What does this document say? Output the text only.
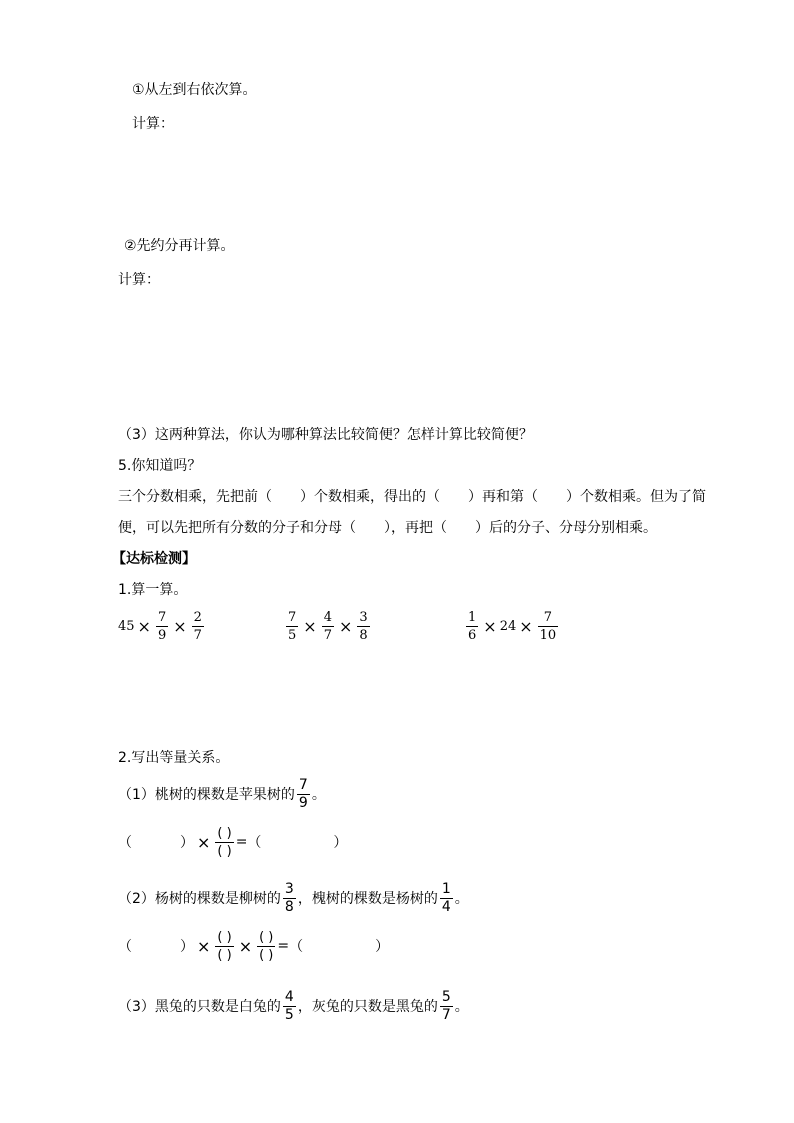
①从左到右依次算。
计算：
②先约分再计算。
计算：
（3）这两种算法，你认为哪种算法比较简便？怎样计算比较简便？
5.你知道吗？
三个分数相乘，先把前（　　）个数相乘，得出的（　　）再和第（　　）个数相乘。但为了简
便，可以先把所有分数的分子和分母（　　），再把（　　）后的分子、分母分别相乘。
【达标检测】
1.算一算。
$45 \times \frac{7}{9} \times \frac{2}{7}$	$\frac{7}{5} \times \frac{4}{7} \times \frac{3}{8}$	$\frac{1}{6} \times 24 \times \frac{7}{10}$
2.写出等量关系。
（1）桃树的棵数是苹果树的 $\frac{7}{9}$ 。
（	） × $\frac{( )}{( )}$ = （	）
（2）杨树的棵数是柳树的 $\frac{3}{8}$ ，槐树的棵数是杨树的 $\frac{1}{4}$ 。
（	） × $\frac{( )}{( )} \times \frac{( )}{( )}$ = （	）
（3）黑兔的只数是白兔的 $\frac{4}{5}$ ，灰兔的只数是黑兔的 $\frac{5}{7}$ 。
